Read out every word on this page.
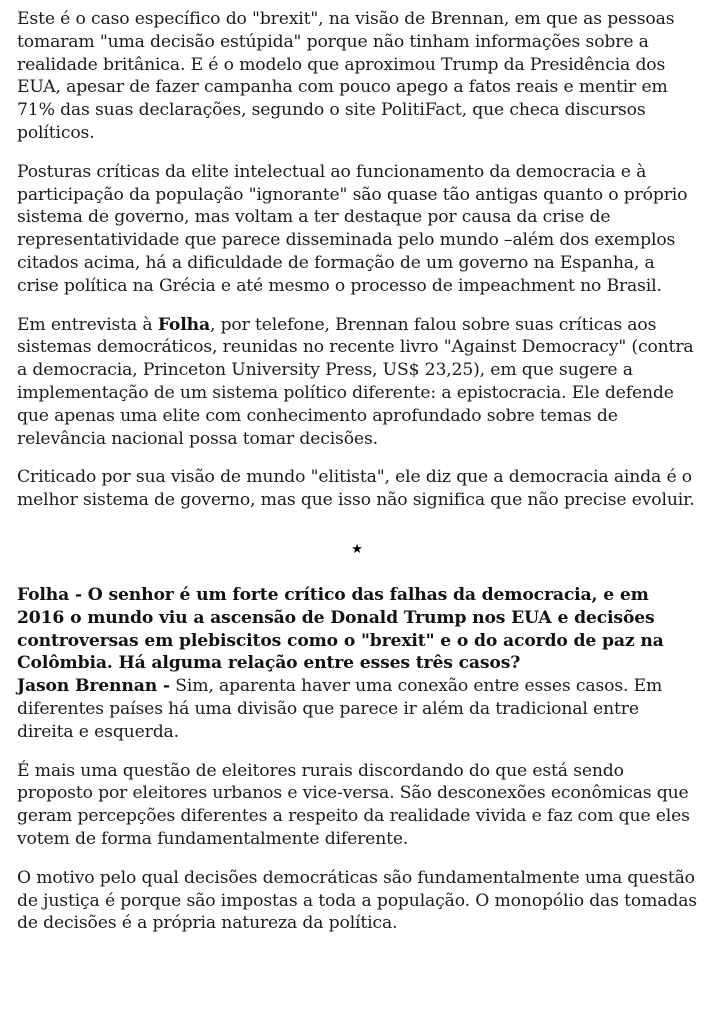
Este é o caso específico do "brexit", na visão de Brennan, em que as pessoas tomaram "uma decisão estúpida" porque não tinham informações sobre a realidade britânica. E é o modelo que aproximou Trump da Presidência dos EUA, apesar de fazer campanha com pouco apego a fatos reais e mentir em 71% das suas declarações, segundo o site PolitiFact, que checa discursos políticos.

Posturas críticas da elite intelectual ao funcionamento da democracia e à participação da população "ignorante" são quase tão antigas quanto o próprio sistema de governo, mas voltam a ter destaque por causa da crise de representatividade que parece disseminada pelo mundo –além dos exemplos citados acima, há a dificuldade de formação de um governo na Espanha, a crise política na Grécia e até mesmo o processo de impeachment no Brasil.

Em entrevista à Folha, por telefone, Brennan falou sobre suas críticas aos sistemas democráticos, reunidas no recente livro "Against Democracy" (contra a democracia, Princeton University Press, US$ 23,25), em que sugere a implementação de um sistema político diferente: a epistocracia. Ele defende que apenas uma elite com conhecimento aprofundado sobre temas de relevância nacional possa tomar decisões.

Criticado por sua visão de mundo "elitista", ele diz que a democracia ainda é o melhor sistema de governo, mas que isso não significa que não precise evoluir.

★
Folha - O senhor é um forte crítico das falhas da democracia, e em 2016 o mundo viu a ascensão de Donald Trump nos EUA e decisões controversas em plebiscitos como o "brexit" e o do acordo de paz na Colômbia. Há alguma relação entre esses três casos?
Jason Brennan - Sim, aparenta haver uma conexão entre esses casos. Em diferentes países há uma divisão que parece ir além da tradicional entre direita e esquerda.

É mais uma questão de eleitores rurais discordando do que está sendo proposto por eleitores urbanos e vice-versa. São desconexões econômicas que geram percepções diferentes a respeito da realidade vivida e faz com que eles votem de forma fundamentalmente diferente.

O motivo pelo qual decisões democráticas são fundamentalmente uma questão de justiça é porque são impostas a toda a população. O monopólio das tomadas de decisões é a própria natureza da política.
